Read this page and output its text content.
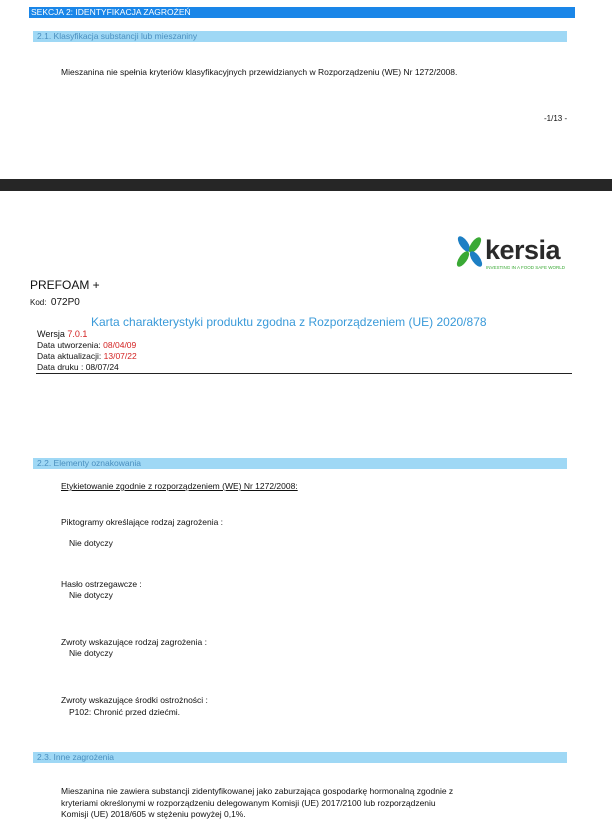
SEKCJA 2: IDENTYFIKACJA ZAGROŻEŃ
2.1. Klasyfikacja substancji lub mieszaniny
Mieszanina nie spełnia kryteriów klasyfikacyjnych przewidzianych w Rozporządzeniu (WE) Nr 1272/2008.
-1/13 -
kersia
INVESTING IN A FOOD SAFE WORLD
PREFOAM +
Kod: 072P0
Karta charakterystyki produktu zgodna z Rozporządzeniem (UE) 2020/878
Wersja 7.0.1
Data utworzenia: 08/04/09
Data aktualizacji: 13/07/22
Data druku : 08/07/24
2.2. Elementy oznakowania
Etykietowanie zgodnie z rozporządzeniem (WE) Nr 1272/2008:
Piktogramy określające rodzaj zagrożenia :
Nie dotyczy
Hasło ostrzegawcze :
Nie dotyczy
Zwroty wskazujące rodzaj zagrożenia :
Nie dotyczy
Zwroty wskazujące środki ostrożności :
P102: Chronić przed dziećmi.
2.3. Inne zagrożenia
Mieszanina nie zawiera substancji zidentyfikowanej jako zaburzająca gospodarkę hormonalną zgodnie z
kryteriami określonymi w rozporządzeniu delegowanym Komisji (UE) 2017/2100 lub rozporządzeniu
Komisji (UE) 2018/605 w stężeniu powyżej 0,1%.
